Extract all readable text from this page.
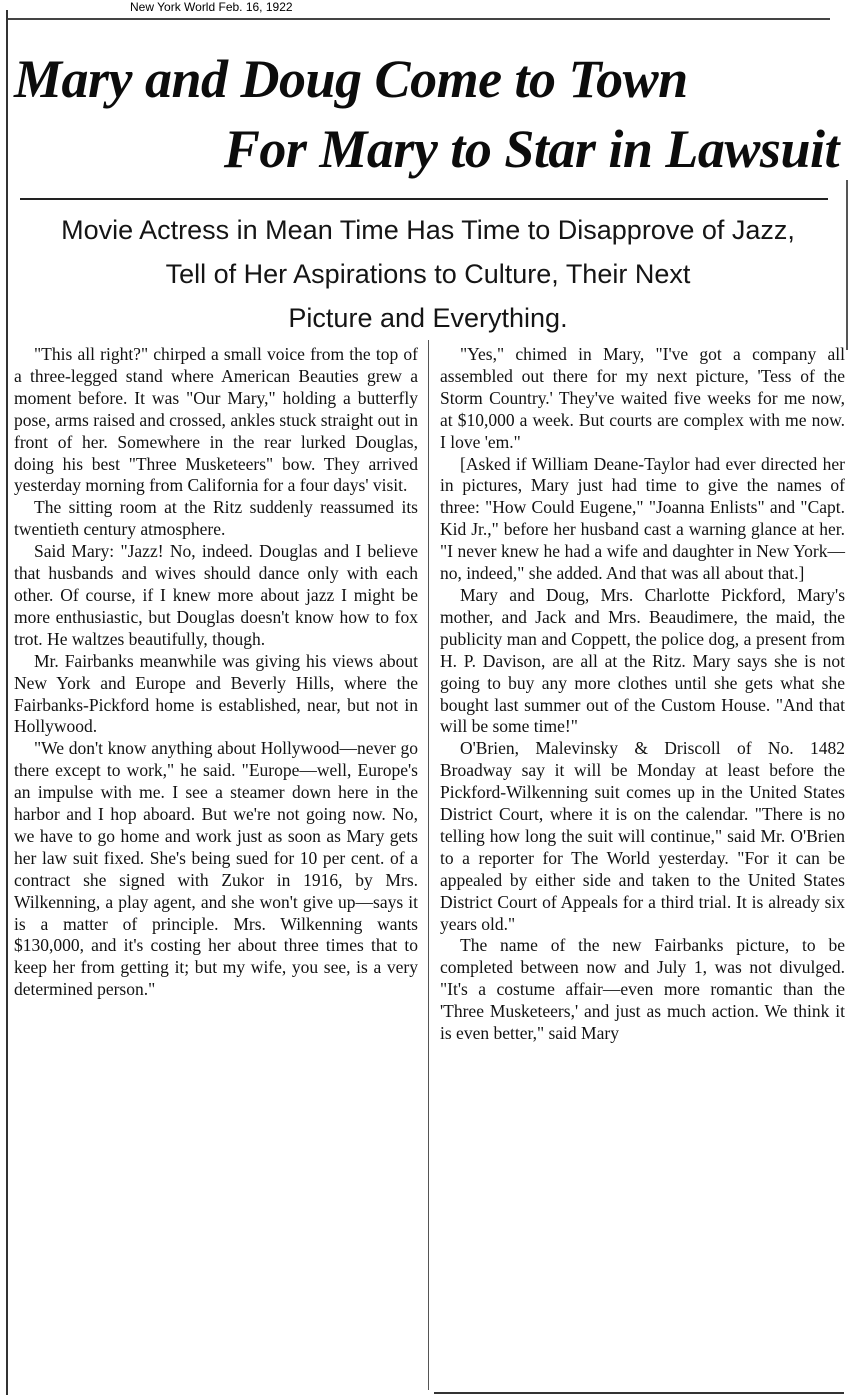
New York World Feb. 16, 1922
Mary and Doug Come to Town
For Mary to Star in Lawsuit
Movie Actress in Mean Time Has Time to Disapprove of Jazz,
Tell of Her Aspirations to Culture, Their Next
Picture and Everything.

"This all right?" chirped a small voice from the top of a three-legged stand where American Beauties grew a moment before. It was "Our Mary," holding a butterfly pose, arms raised and crossed, ankles stuck straight out in front of her. Somewhere in the rear lurked Douglas, doing his best "Three Musketeers" bow. They arrived yesterday morning from California for a four days' visit.

The sitting room at the Ritz suddenly reassumed its twentieth century atmosphere.

Said Mary: "Jazz! No, indeed. Douglas and I believe that husbands and wives should dance only with each other. Of course, if I knew more about jazz I might be more enthusiastic, but Douglas doesn't know how to fox trot. He waltzes beautifully, though.

Mr. Fairbanks meanwhile was giving his views about New York and Europe and Beverly Hills, where the Fairbanks-Pickford home is established, near, but not in Hollywood.

"We don't know anything about Hollywood—never go there except to work," he said. "Europe—well, Europe's an impulse with me. I see a steamer down here in the harbor and I hop aboard. But we're not going now. No, we have to go home and work just as soon as Mary gets her law suit fixed. She's being sued for 10 per cent. of a contract she signed with Zukor in 1916, by Mrs. Wilkenning, a play agent, and she won't give up—says it is a matter of principle. Mrs. Wilkenning wants $130,000, and it's costing her about three times that to keep her from getting it; but my wife, you see, is a very determined person."

"Yes," chimed in Mary, "I've got a company all assembled out there for my next picture, 'Tess of the Storm Country.' They've waited five weeks for me now, at $10,000 a week. But courts are complex with me now. I love 'em."

[Asked if William Deane-Taylor had ever directed her in pictures, Mary just had time to give the names of three: "How Could Eugene," "Joanna Enlists" and "Capt. Kid Jr.," before her husband cast a warning glance at her. "I never knew he had a wife and daughter in New York—no, indeed," she added. And that was all about that.]

Mary and Doug, Mrs. Charlotte Pickford, Mary's mother, and Jack and Mrs. Beaudimere, the maid, the publicity man and Coppett, the police dog, a present from H. P. Davison, are all at the Ritz. Mary says she is not going to buy any more clothes until she gets what she bought last summer out of the Custom House. "And that will be some time!"

O'Brien, Malevinsky & Driscoll of No. 1482 Broadway say it will be Monday at least before the Pickford-Wilkenning suit comes up in the United States District Court, where it is on the calendar. "There is no telling how long the suit will continue," said Mr. O'Brien to a reporter for The World yesterday. "For it can be appealed by either side and taken to the United States District Court of Appeals for a third trial. It is already six years old."

The name of the new Fairbanks picture, to be completed between now and July 1, was not divulged. "It's a costume affair—even more romantic than the 'Three Musketeers,' and just as much action. We think it is even better," said Mary
